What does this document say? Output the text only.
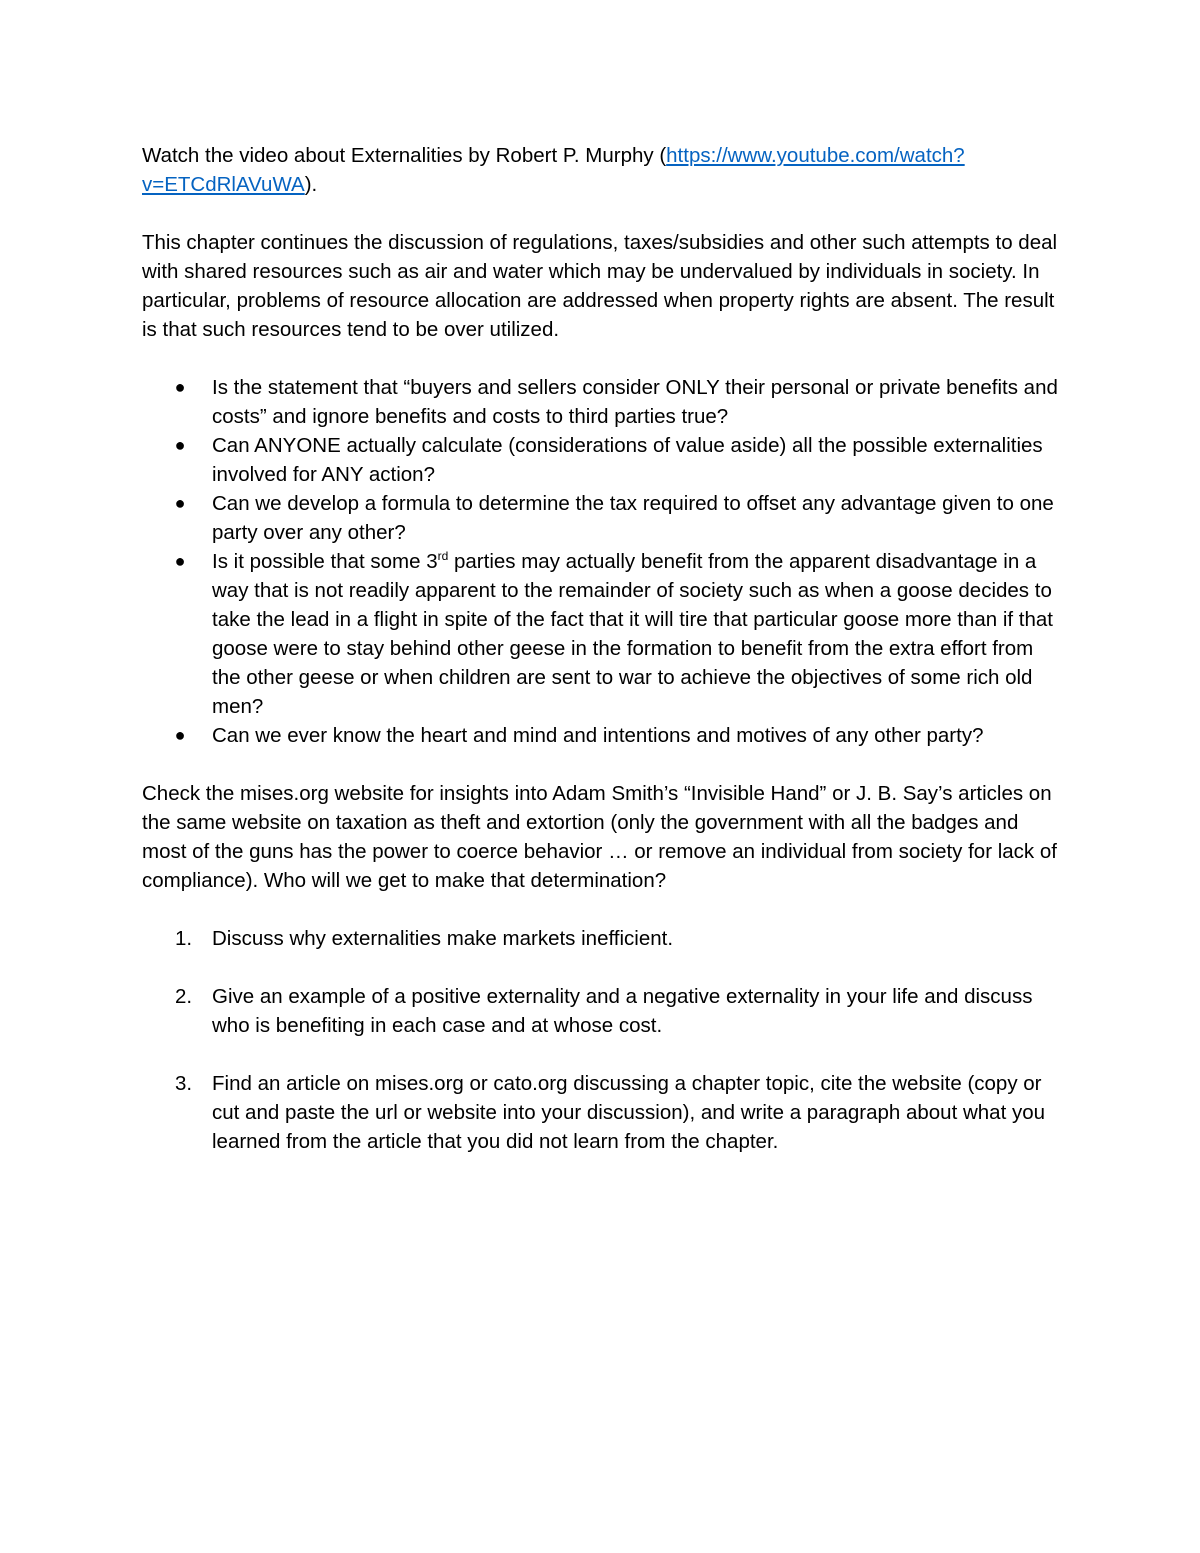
Watch the video about Externalities by Robert P. Murphy (https://www.youtube.com/watch?v=ETCdRlAVuWA).

This chapter continues the discussion of regulations, taxes/subsidies and other such attempts to deal with shared resources such as air and water which may be undervalued by individuals in society. In particular, problems of resource allocation are addressed when property rights are absent. The result is that such resources tend to be over utilized.

● Is the statement that “buyers and sellers consider ONLY their personal or private benefits and costs” and ignore benefits and costs to third parties true?
● Can ANYONE actually calculate (considerations of value aside) all the possible externalities involved for ANY action?
● Can we develop a formula to determine the tax required to offset any advantage given to one party over any other?
● Is it possible that some 3rd parties may actually benefit from the apparent disadvantage in a way that is not readily apparent to the remainder of society such as when a goose decides to take the lead in a flight in spite of the fact that it will tire that particular goose more than if that goose were to stay behind other geese in the formation to benefit from the extra effort from the other geese or when children are sent to war to achieve the objectives of some rich old men?
● Can we ever know the heart and mind and intentions and motives of any other party?

Check the mises.org website for insights into Adam Smith’s “Invisible Hand” or J. B. Say’s articles on the same website on taxation as theft and extortion (only the government with all the badges and most of the guns has the power to coerce behavior … or remove an individual from society for lack of compliance). Who will we get to make that determination?

1. Discuss why externalities make markets inefficient.
2. Give an example of a positive externality and a negative externality in your life and discuss who is benefiting in each case and at whose cost.
3. Find an article on mises.org or cato.org discussing a chapter topic, cite the website (copy or cut and paste the url or website into your discussion), and write a paragraph about what you learned from the article that you did not learn from the chapter.
